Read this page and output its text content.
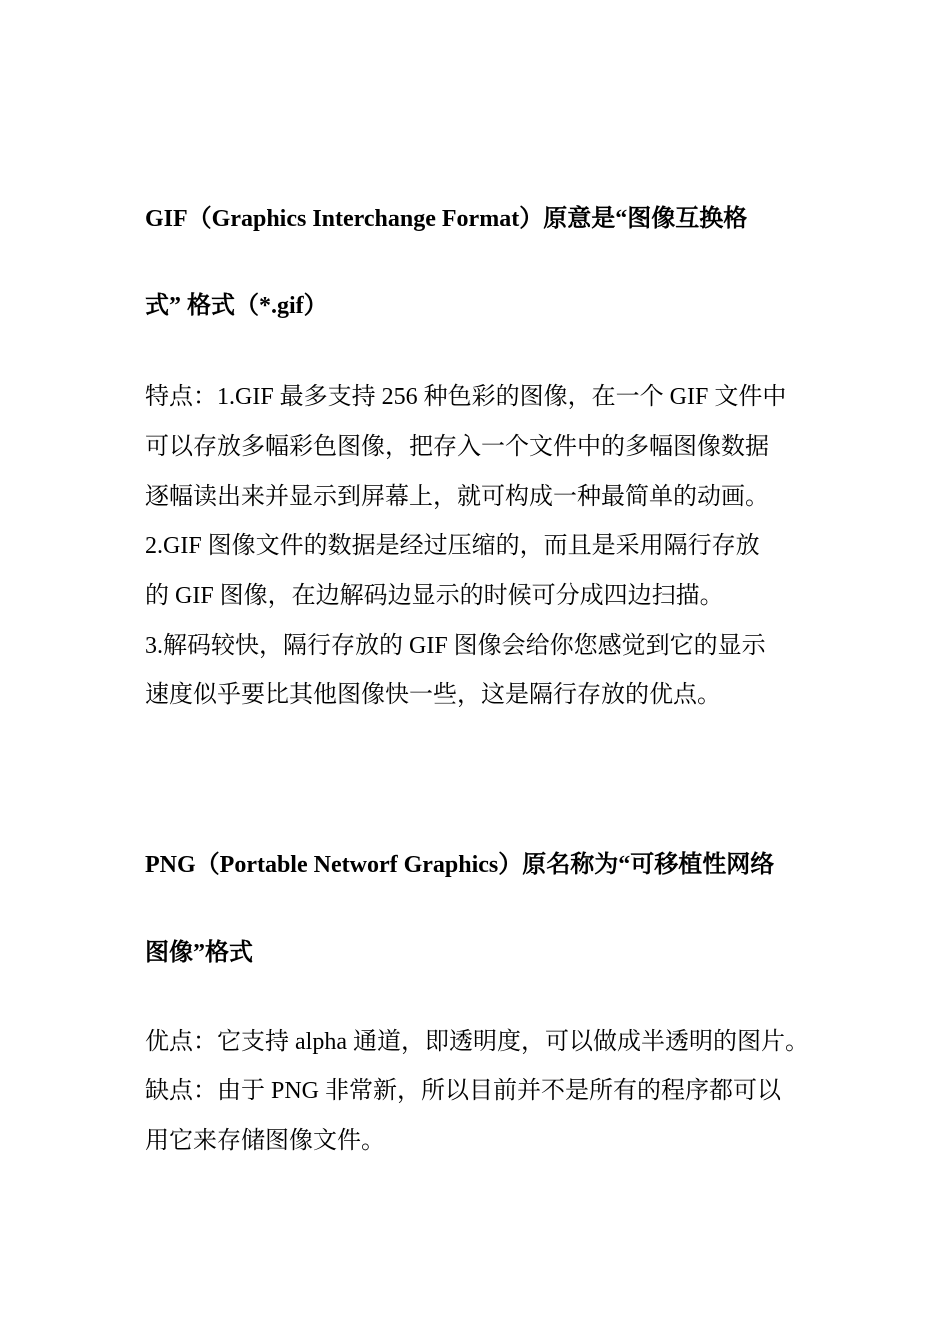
GIF（Graphics Interchange Format）原意是“图像互换格
式” 格式（*.gif）
特点：1.GIF 最多支持 256 种色彩的图像，在一个 GIF 文件中
可以存放多幅彩色图像，把存入一个文件中的多幅图像数据
逐幅读出来并显示到屏幕上，就可构成一种最简单的动画。
2.GIF 图像文件的数据是经过压缩的，而且是采用隔行存放
的 GIF 图像，在边解码边显示的时候可分成四边扫描。
3.解码较快，隔行存放的 GIF 图像会给你您感觉到它的显示
速度似乎要比其他图像快一些，这是隔行存放的优点。
PNG（Portable Networf Graphics）原名称为“可移植性网络
图像”格式
优点：它支持 alpha 通道，即透明度，可以做成半透明的图片。
缺点：由于 PNG 非常新，所以目前并不是所有的程序都可以
用它来存储图像文件。
